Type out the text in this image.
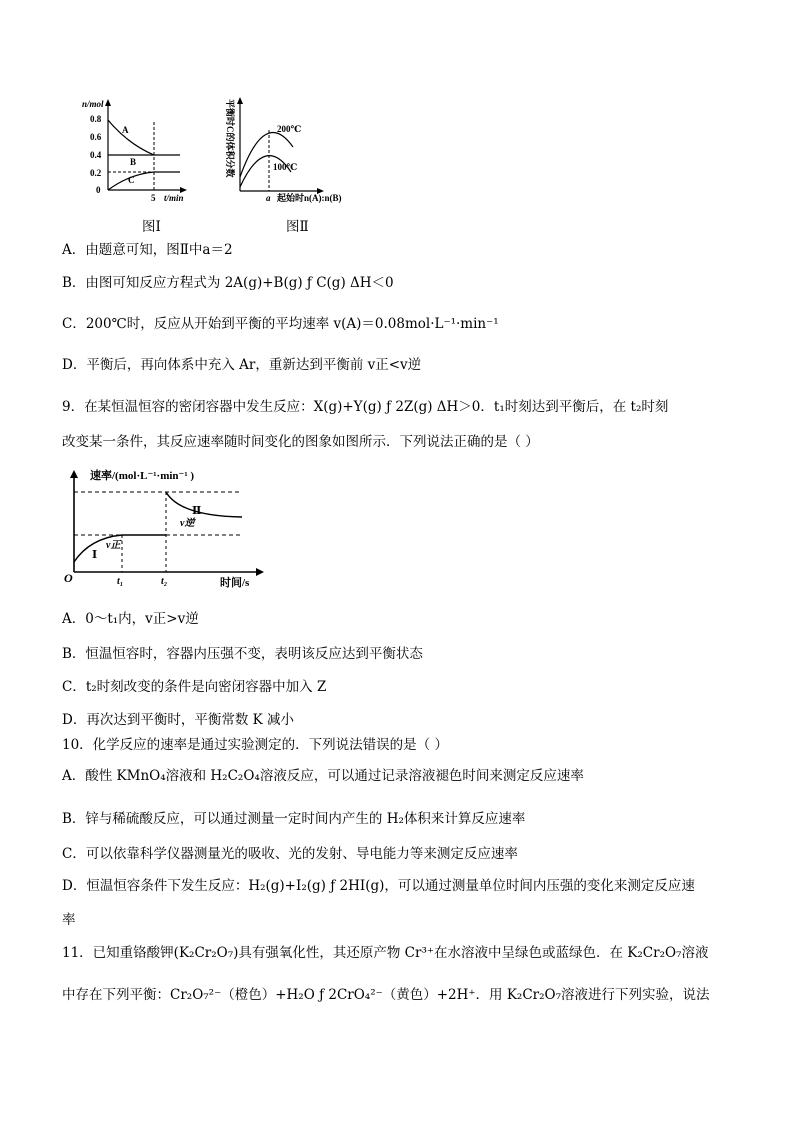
n/mol
0.8
0.6
0.4
0.2
0
A
B
C
5 t/min
图Ⅰ
平衡时C的体积分数	200℃
100℃
a 起始时n(A):n(B)
图Ⅱ
A．由题意可知，图Ⅱ中a＝2
B．由图可知反应方程式为 2A(g)+B(g) ƒ C(g) ΔH＜0
C．200℃时，反应从开始到平衡的平均速率 v(A)＝0.08mol·L⁻¹·min⁻¹
D．平衡后，再向体系中充入 Ar，重新达到平衡前 v正<v逆
9．在某恒温恒容的密闭容器中发生反应：X(g)+Y(g) ƒ 2Z(g) ΔH＞0．t₁时刻达到平衡后，在 t₂时刻
改变某一条件，其反应速率随时间变化的图象如图所示．下列说法正确的是（ ）
速率/(mol·L⁻¹·min⁻¹ )
v正
v逆
Ⅰ
Ⅱ
O	t₁	t₂	时间/s
A．0～t₁内，v正>v逆
B．恒温恒容时，容器内压强不变，表明该反应达到平衡状态
C．t₂时刻改变的条件是向密闭容器中加入 Z
D．再次达到平衡时，平衡常数 K 减小
10．化学反应的速率是通过实验测定的．下列说法错误的是（ ）
A．酸性 KMnO₄溶液和 H₂C₂O₄溶液反应，可以通过记录溶液褪色时间来测定反应速率
B．锌与稀硫酸反应，可以通过测量一定时间内产生的 H₂体积来计算反应速率
C．可以依靠科学仪器测量光的吸收、光的发射、导电能力等来测定反应速率
D．恒温恒容条件下发生反应：H₂(g)+I₂(g) ƒ 2HI(g)，可以通过测量单位时间内压强的变化来测定反应速
率
11．已知重铬酸钾(K₂Cr₂O₇)具有强氧化性，其还原产物 Cr³⁺在水溶液中呈绿色或蓝绿色．在 K₂Cr₂O₇溶液
中存在下列平衡：Cr₂O₇²⁻（橙色）+H₂O ƒ 2CrO₄²⁻（黄色）+2H⁺．用 K₂Cr₂O₇溶液进行下列实验，说法
